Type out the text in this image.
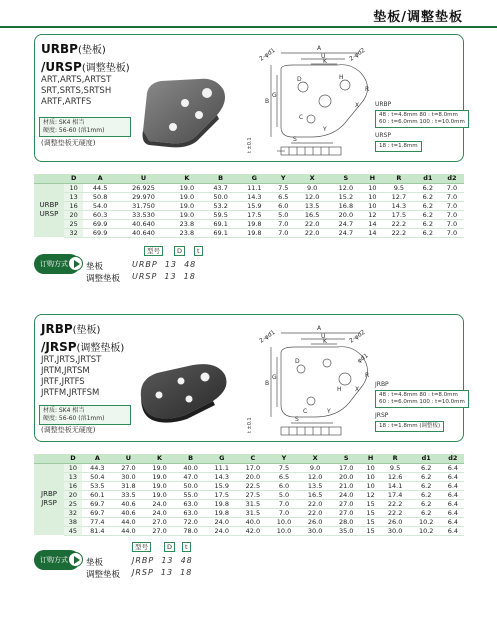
垫板/调整垫板
URBP(垫板)
/URSP(调整垫板)
ART,ARTS,ARTST
SRT,SRTS,SRTSH
ARTF,ARTFS
材质: SK4 相当
硬度: 56-60 (溶1mm)
(调整垫板无硬度)
A
U
K
2-φd1	2-φd2
B
G
R
Y
X
S
C
D	H
t ±0.1
URBP
48 : t=4.8mm 80 : t=8.0mm
60 : t=6.0mm 100 : t=10.0mm
URSP
18 : t=1.8mm
	D	A	U	K	B	G	Y	X	S	H	R	d1	d2
URBP URSP	10	44.5	26.925	19.0	43.7	11.1	7.5	9.0	12.0	10	9.5	6.2	7.0
	13	50.8	29.970	19.0	50.0	14.3	6.5	12.0	15.2	10	12.7	6.2	7.0
	16	54.0	31.750	19.0	53.2	15.9	6.0	13.5	16.8	10	14.3	6.2	7.0
	20	60.3	33.530	19.0	59.5	17.5	5.0	16.5	20.0	12	17.5	6.2	7.0
	25	69.9	40.640	23.8	69.1	19.8	7.0	22.0	24.7	14	22.2	6.2	7.0
	32	69.9	40.640	23.8	69.1	19.8	7.0	22.0	24.7	14	22.2	6.2	7.0
订购方式
型号	D	t
垫板	URBP  13  48
调整垫板 URSP  13  18
JRBP(垫板)
/JRSP(调整垫板)
JRT,JRTS,JRTST
JRTM,JRTSM
JRTF,JRTFS
JRTFM,JRTFSM
材质: SK4 相当
硬度: 56-60 (溶1mm)
(调整垫板无硬度)
A
U
K
2-φd1	2-φd2
φd1
B
G	R
Y
X
S
C
D
H
t ±0.1
JRBP
48 : t=4.8mm 80 : t=8.0mm
60 : t=6.0mm 100 : t=10.0mm
JRSP
18 : t=1.8mm (调整板)
	D	A	U	K	B	G	C	Y	X	S	H	R	d1	d2
JRBP JRSP	10	44.3	27.0	19.0	40.0	11.1	17.0	7.5	9.0	17.0	10	9.5	6.2	6.4
	13	50.4	30.0	19.0	47.0	14.3	20.0	6.5	12.0	20.0	10	12.6	6.2	6.4
	16	53.5	31.8	19.0	50.0	15.9	22.5	6.0	13.5	21.0	10	14.1	6.2	6.4
	20	60.1	33.5	19.0	55.0	17.5	27.5	5.0	16.5	24.0	12	17.4	6.2	6.4
	25	69.7	40.6	24.0	63.0	19.8	31.5	7.0	22.0	27.0	15	22.2	6.2	6.4
	32	69.7	40.6	24.0	63.0	19.8	31.5	7.0	22.0	27.0	15	22.2	6.2	6.4
	38	77.4	44.0	27.0	72.0	24.0	40.0	10.0	26.0	28.0	15	26.0	10.2	6.4
	45	81.4	44.0	27.0	78.0	24.0	42.0	10.0	30.0	35.0	15	30.0	10.2	6.4
订购方式
型号	D	t
垫板	JRBP  13  48
调整垫板 JRSP  13  18
